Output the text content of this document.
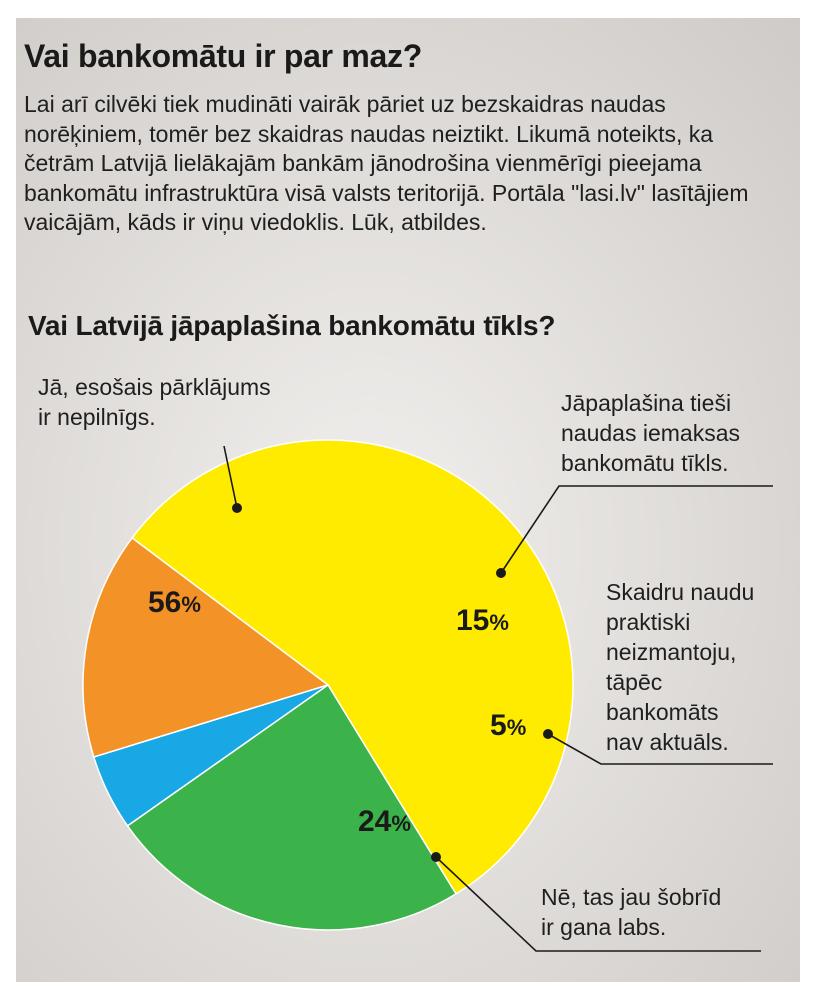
Vai bankomātu ir par maz?

Lai arī cilvēki tiek mudināti vairāk pāriet uz bezskaidras naudas norēķiniem, tomēr bez skaidras naudas neiztikt. Likumā noteikts, ka četrām Latvijā lielākajām bankām jānodrošina vienmērīgi pieejama bankomātu infrastruktūra visā valsts teritorijā. Portāla "lasi.lv" lasītājiem vaicājām, kāds ir viņu viedoklis. Lūk, atbildes.

Vai Latvijā jāpaplašina bankomātu tīkls?
56%	15%
5%
24%
Jā, esošais pārklājums ir nepilnīgs.
Jāpaplašina tieši naudas iemaksas bankomātu tīkls.
Skaidru naudu praktiski neizmantoju, tāpēc bankomāts nav aktuāls.
Nē, tas jau šobrīd ir gana labs.
